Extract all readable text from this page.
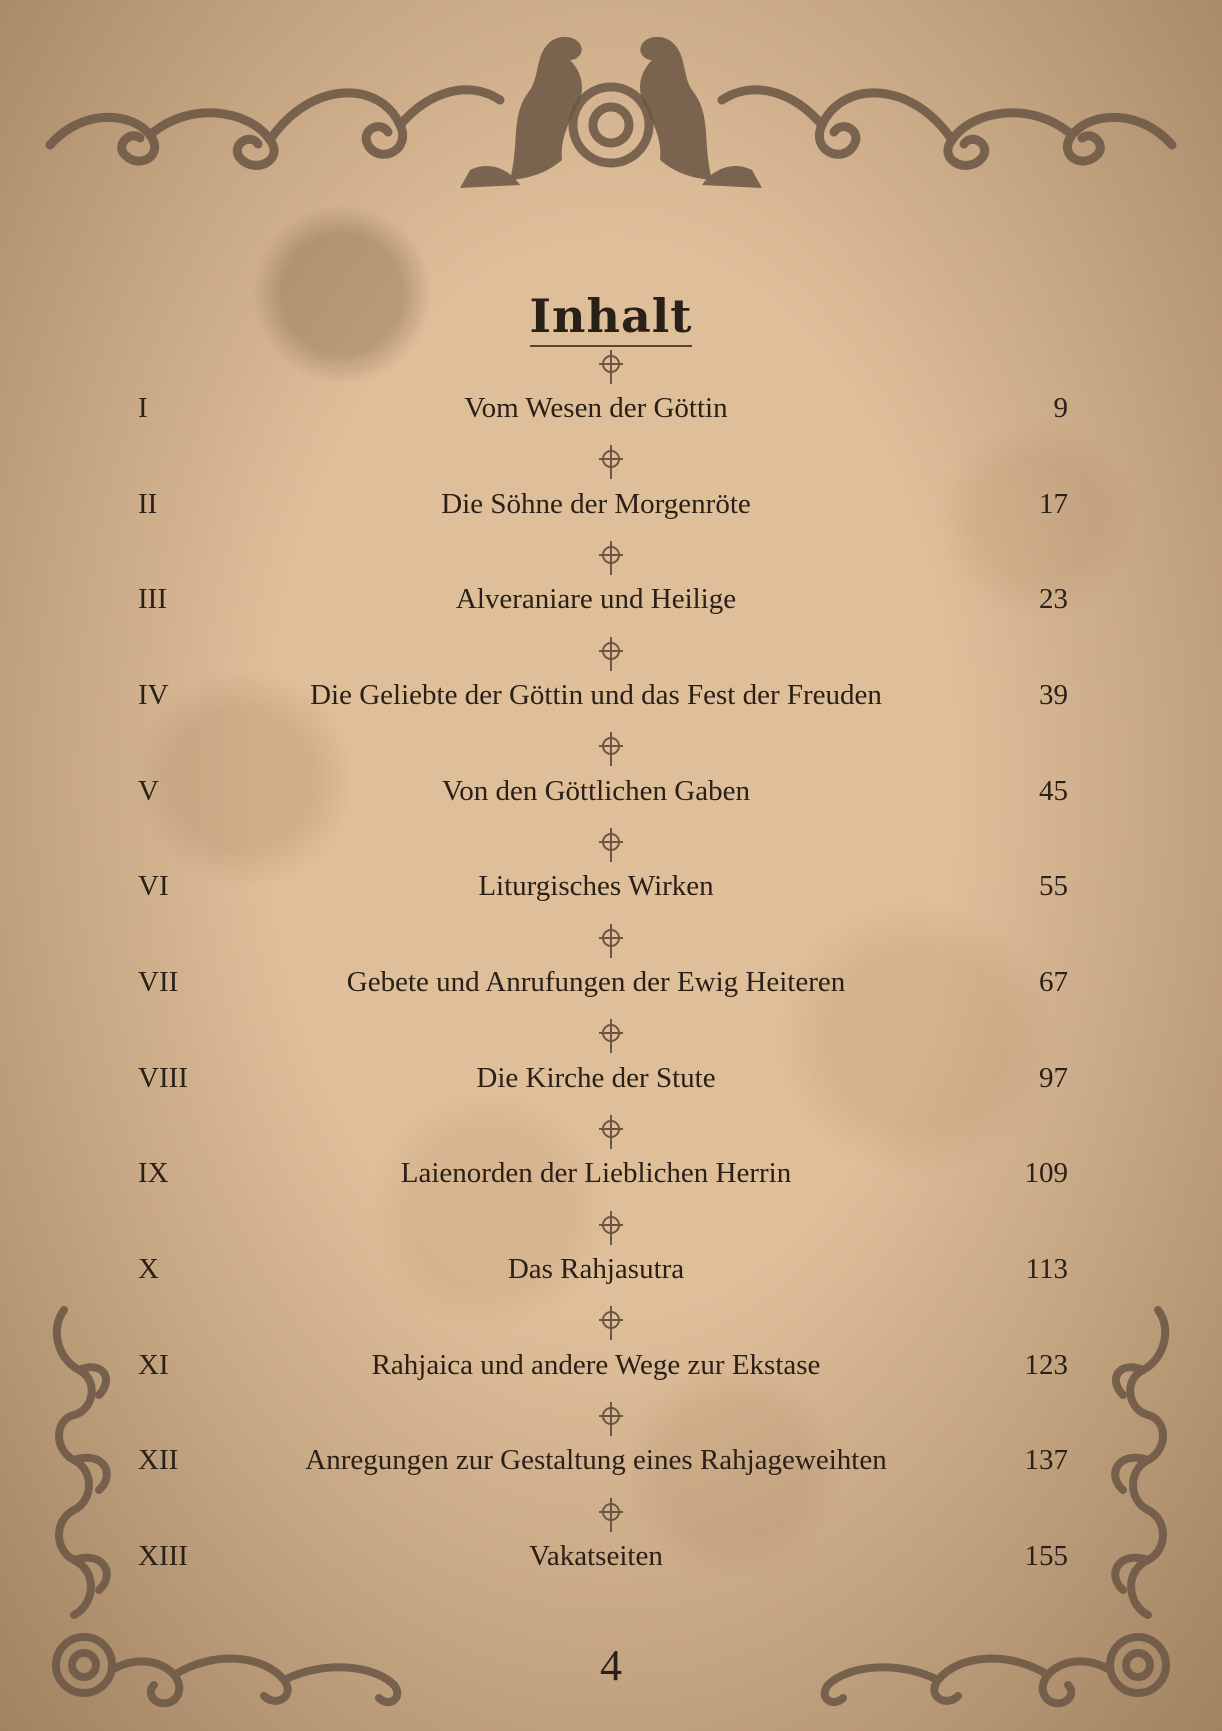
Inhalt
I	Vom Wesen der Göttin	9
II	Die Söhne der Morgenröte	17
III	Alveraniare und Heilige	23
IV	Die Geliebte der Göttin und das Fest der Freuden	39
V	Von den Göttlichen Gaben	45
VI	Liturgisches Wirken	55
VII	Gebete und Anrufungen der Ewig Heiteren	67
VIII	Die Kirche der Stute	97
IX	Laienorden der Lieblichen Herrin	109
X	Das Rahjasutra	113
XI	Rahjaica und andere Wege zur Ekstase	123
XII	Anregungen zur Gestaltung eines Rahjageweihten	137
XIII	Vakatseiten	155
4
